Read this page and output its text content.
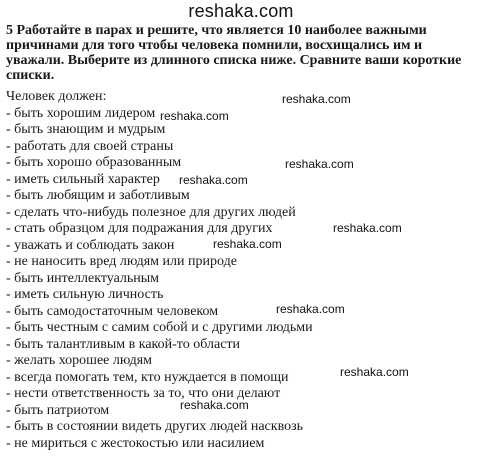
reshaka.com
5 Работайте в парах и решите, что является 10 наиболее важными
причинами для того чтобы человека помнили, восхищались им и
уважали. Выберите из длинного списка ниже. Сравните ваши короткие
списки.
Человек должен:
- быть хорошим лидером
- быть знающим и мудрым
- работать для своей страны
- быть хорошо образованным
- иметь сильный характер
- быть любящим и заботливым
- сделать что-нибудь полезное для других людей
- стать образцом для подражания для других
- уважать и соблюдать закон
- не наносить вред людям или природе
- быть интеллектуальным
- иметь сильную личность
- быть самодостаточным человеком
- быть честным с самим собой и с другими людьми
- быть талантливым в какой-то области
- желать хорошее людям
- всегда помогать тем, кто нуждается в помощи
- нести ответственность за то, что они делают
- быть патриотом
- быть в состоянии видеть других людей насквозь
- не мириться с жестокостью или насилием
reshaka.com
reshaka.com
reshaka.com
reshaka.com
reshaka.com
reshaka.com
reshaka.com
reshaka.com
reshaka.com
